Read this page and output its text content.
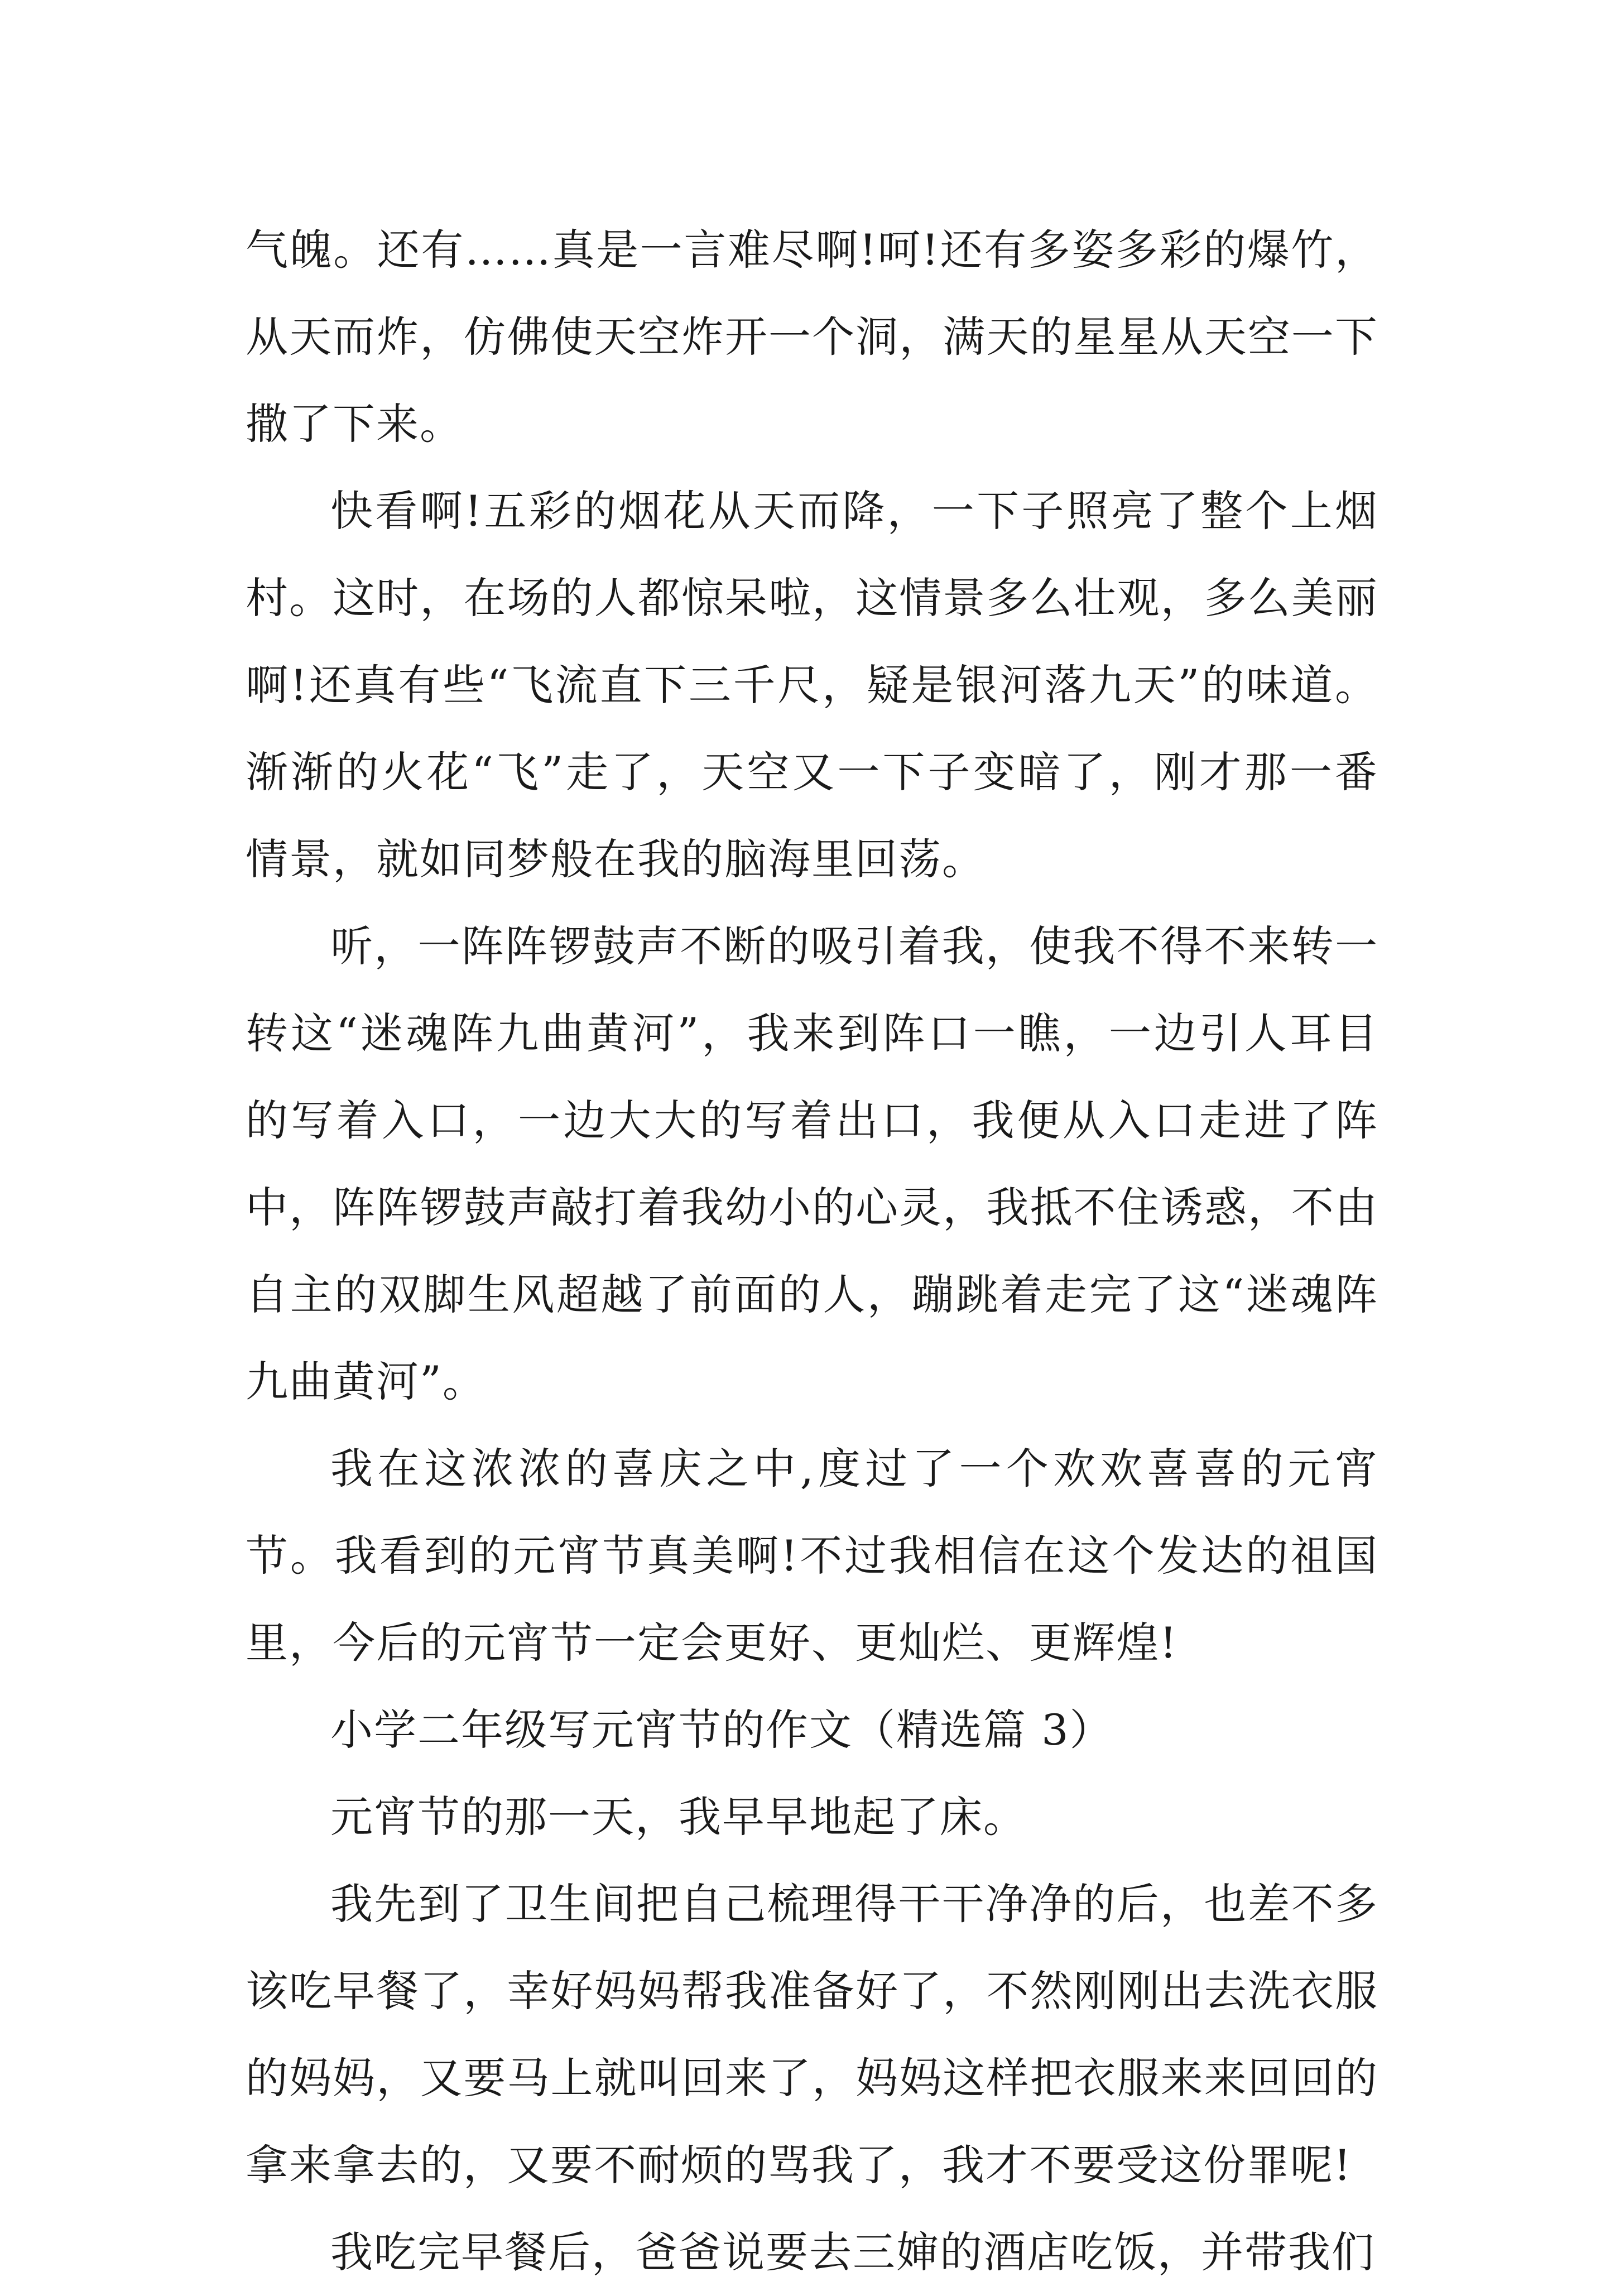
气魄。还有……真是一言难尽啊!呵!还有多姿多彩的爆竹，从天而炸，仿佛使天空炸开一个洞，满天的星星从天空一下撒了下来。

快看啊!五彩的烟花从天而降，一下子照亮了整个上烟村。这时，在场的人都惊呆啦，这情景多么壮观，多么美丽啊!还真有些“飞流直下三千尺，疑是银河落九天”的味道。渐渐的火花“飞”走了，天空又一下子变暗了，刚才那一番情景，就如同梦般在我的脑海里回荡。

听，一阵阵锣鼓声不断的吸引着我，使我不得不来转一转这“迷魂阵九曲黄河”，我来到阵口一瞧，一边引人耳目的写着入口，一边大大的写着出口，我便从入口走进了阵中，阵阵锣鼓声敲打着我幼小的心灵，我抵不住诱惑，不由自主的双脚生风超越了前面的人，蹦跳着走完了这“迷魂阵九曲黄河”。

我在这浓浓的喜庆之中,度过了一个欢欢喜喜的元宵节。我看到的元宵节真美啊!不过我相信在这个发达的祖国里，今后的元宵节一定会更好、更灿烂、更辉煌!

小学二年级写元宵节的作文（精选篇 3）

元宵节的那一天，我早早地起了床。

我先到了卫生间把自己梳理得干干净净的后，也差不多该吃早餐了，幸好妈妈帮我准备好了，不然刚刚出去洗衣服的妈妈，又要马上就叫回来了，妈妈这样把衣服来来回回的拿来拿去的，又要不耐烦的骂我了，我才不要受这份罪呢!

我吃完早餐后，爸爸说要去三婶的酒店吃饭，并带我们
